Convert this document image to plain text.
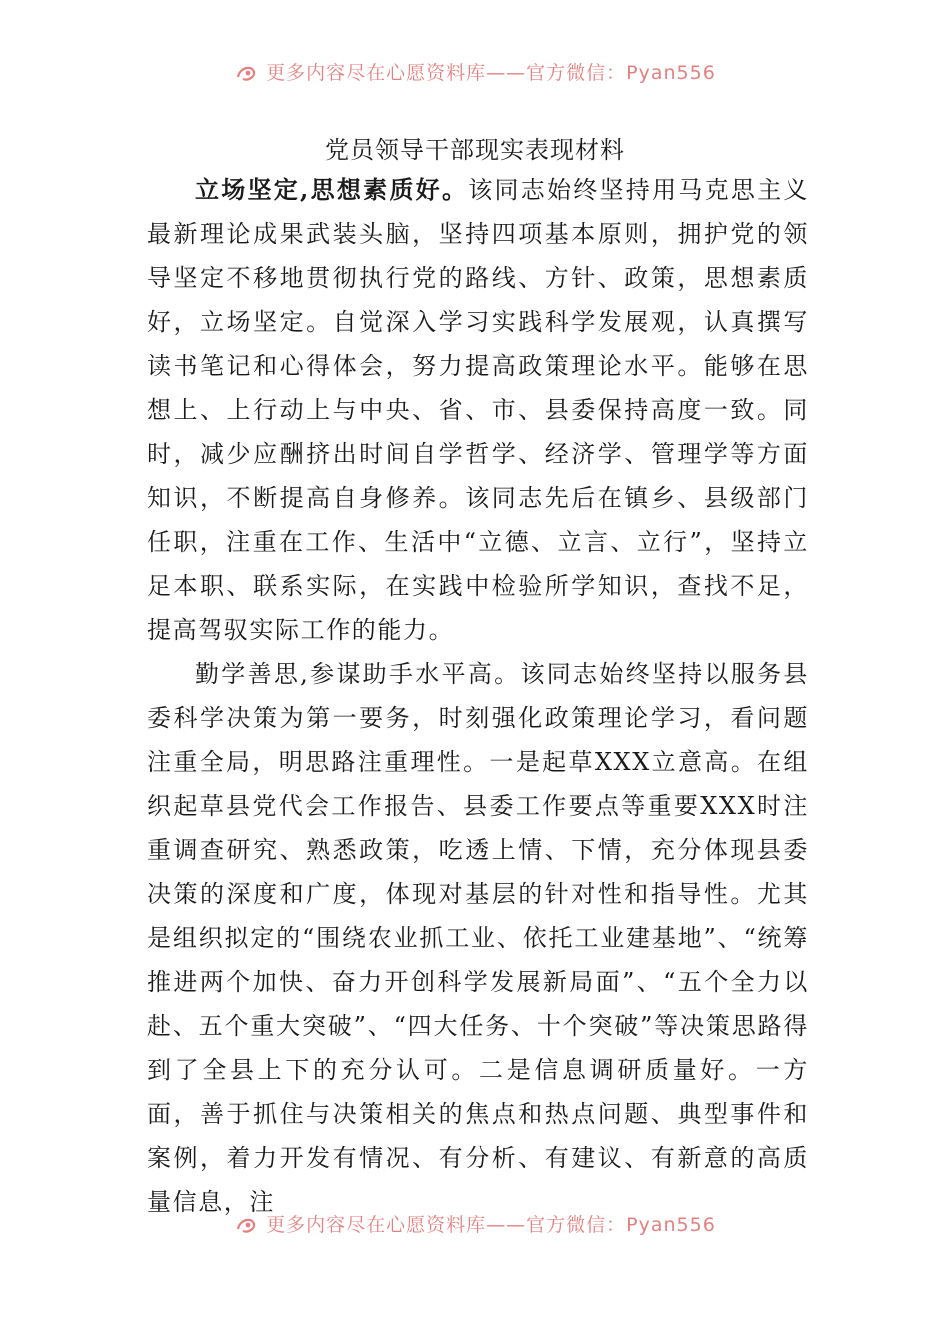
更多内容尽在心愿资料库——官方微信：Pyan556
党员领导干部现实表现材料

立场坚定,思想素质好。该同志始终坚持用马克思主义最新理论成果武装头脑，坚持四项基本原则，拥护党的领导坚定不移地贯彻执行党的路线、方针、政策，思想素质好，立场坚定。自觉深入学习实践科学发展观，认真撰写读书笔记和心得体会，努力提高政策理论水平。能够在思想上、上行动上与中央、省、市、县委保持高度一致。同时，减少应酬挤出时间自学哲学、经济学、管理学等方面知识，不断提高自身修养。该同志先后在镇乡、县级部门任职，注重在工作、生活中“立德、立言、立行”，坚持立足本职、联系实际，在实践中检验所学知识，查找不足，提高驾驭实际工作的能力。

勤学善思,参谋助手水平高。该同志始终坚持以服务县委科学决策为第一要务，时刻强化政策理论学习，看问题注重全局，明思路注重理性。一是起草XXX立意高。在组织起草县党代会工作报告、县委工作要点等重要XXX时注重调查研究、熟悉政策，吃透上情、下情，充分体现县委决策的深度和广度，体现对基层的针对性和指导性。尤其是组织拟定的“围绕农业抓工业、依托工业建基地”、“统筹推进两个加快、奋力开创科学发展新局面”、“五个全力以赴、五个重大突破”、“四大任务、十个突破”等决策思路得到了全县上下的充分认可。二是信息调研质量好。一方面，善于抓住与决策相关的焦点和热点问题、典型事件和案例，着力开发有情况、有分析、有建议、有新意的高质量信息，注

更多内容尽在心愿资料库——官方微信：Pyan556
